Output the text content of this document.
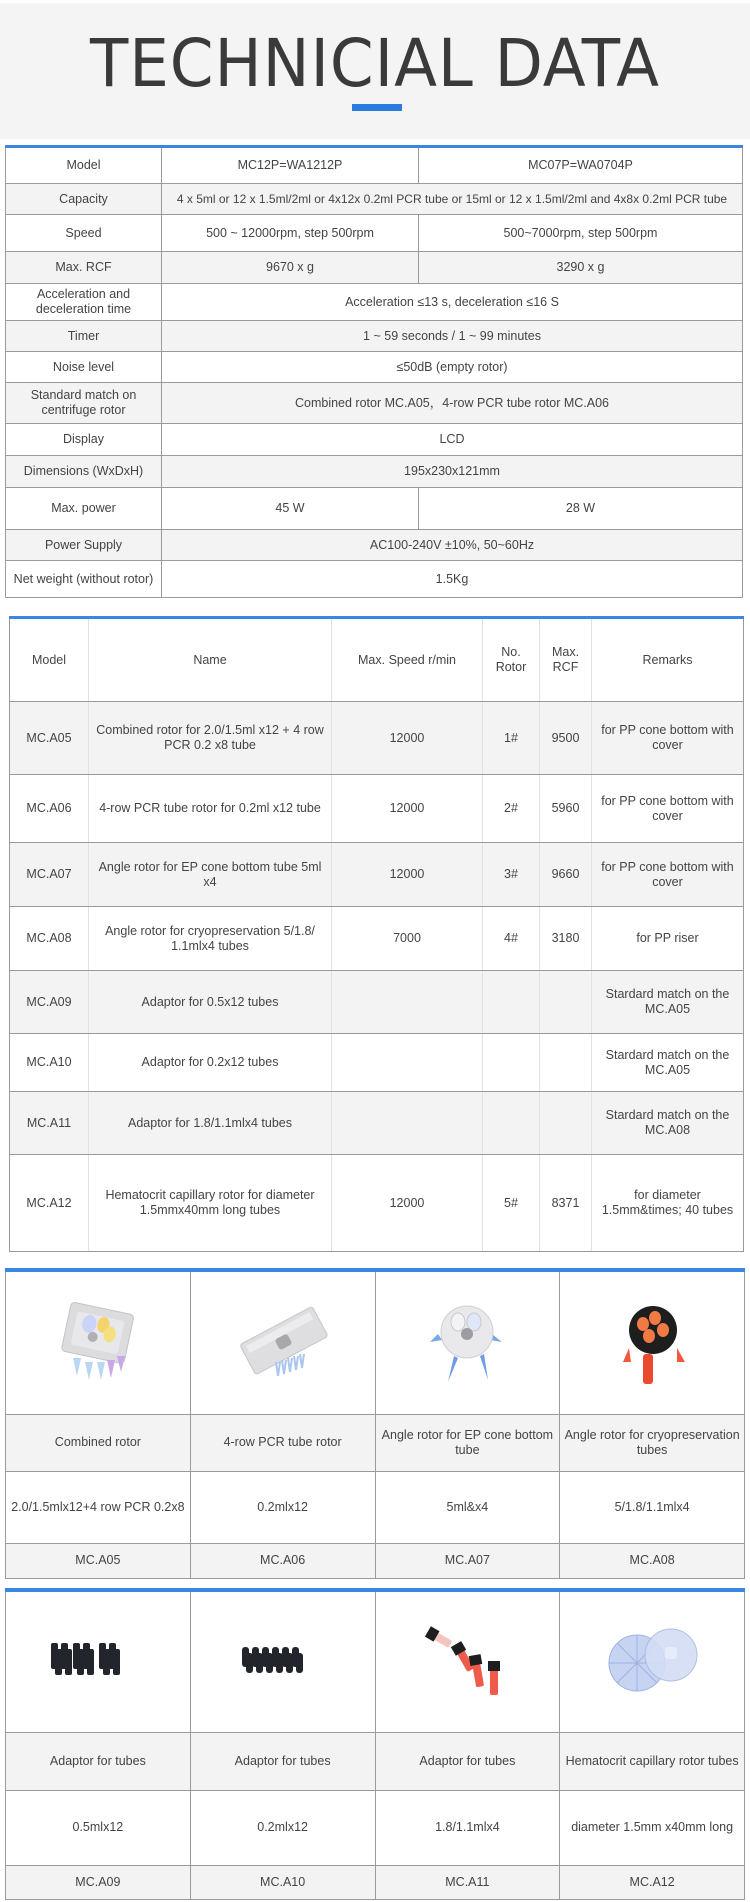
TECHNICIAL DATA
Model	MC12P=WA1212P	MC07P=WA0704P
Capacity	4 x 5ml or 12 x 1.5ml/2ml or 4x12x 0.2ml PCR tube or 15ml or 12 x 1.5ml/2ml and 4x8x 0.2ml PCR tube	
Speed	500 ~ 12000rpm, step 500rpm	500~7000rpm, step 500rpm
Max. RCF	9670 x g	3290 x g
Acceleration and deceleration time	Acceleration ≤13 s, deceleration ≤16 S	
Timer	1 ~ 59 seconds / 1 ~ 99 minutes	
Noise level	≤50dB (empty rotor)	
Standard match on centrifuge rotor	Combined rotor MC.A05，4-row PCR tube rotor MC.A06	
Display	LCD	
Dimensions (WxDxH)	195x230x121mm	
Max. power	45 W	28 W
Power Supply	AC100-240V ±10%, 50~60Hz	
Net weight (without rotor)	1.5Kg	
Model	Name	Max. Speed r/min	No. Rotor	Max. RCF	Remarks
MC.A05	Combined rotor for 2.0/1.5ml x12 + 4 row PCR 0.2 x8 tube	12000	1#	9500	for PP cone bottom with cover
MC.A06	4-row PCR tube rotor for 0.2ml x12 tube	12000	2#	5960	for PP cone bottom with cover
MC.A07	Angle rotor for EP cone bottom tube 5ml x4	12000	3#	9660	for PP cone bottom with cover
MC.A08	Angle rotor for cryopreservation 5/1.8/ 1.1mlx4 tubes	7000	4#	3180	for PP riser
MC.A09	Adaptor for 0.5x12 tubes				Stardard match on the MC.A05
MC.A10	Adaptor for 0.2x12 tubes				Stardard match on the MC.A05
MC.A11	Adaptor for 1.8/1.1mlx4 tubes				Stardard match on the MC.A08
MC.A12	Hematocrit capillary rotor for diameter 1.5mmx40mm long tubes	12000	5#	8371	for diameter 1.5mm&times; 40 tubes

Combined rotor	4-row PCR tube rotor	Angle rotor for EP cone bottom tube	Angle rotor for cryopreservation tubes
2.0/1.5mlx12+4 row PCR 0.2x8	0.2mlx12	5ml&x4	5/1.8/1.1mlx4
MC.A05	MC.A06	MC.A07	MC.A08

Adaptor for tubes	Adaptor for tubes	Adaptor for tubes	Hematocrit capillary rotor tubes
0.5mlx12	0.2mlx12	1.8/1.1mlx4	diameter 1.5mm x40mm long
MC.A09	MC.A10	MC.A11	MC.A12
